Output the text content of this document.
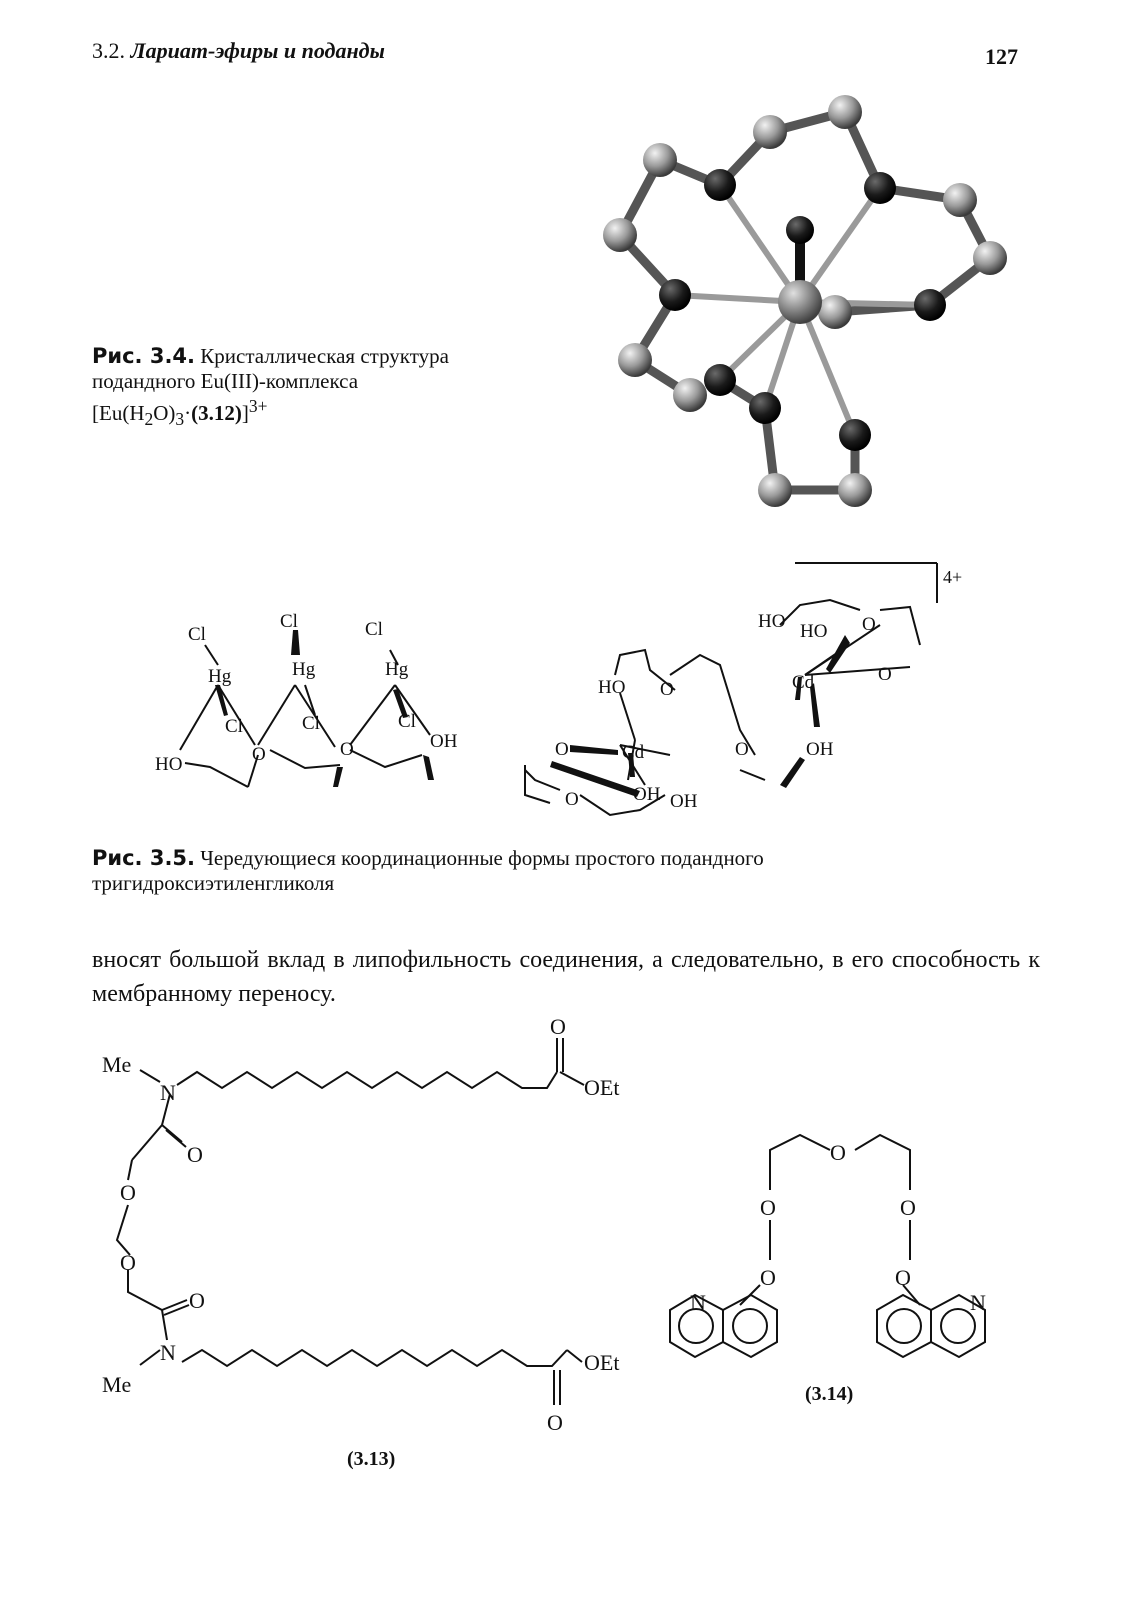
3.2. Лариат-эфиры и поданды	127
Рис. 3.4. Кристаллическая структура
подандного Eu(III)-комплекса
$[Eu(H_2O)_3\cdot(3.12)]^{3+}$
Cl
Hg
Cl
Cl
Hg
Cl
Cl
Hg
Cl
O	O
HO
OH
4+
HO HO O
O
Cd
HO O
O	OH
Cd
O
O	OH OH
Рис. 3.5. Чередующиеся координационные формы простого подандного тригидроксиэтиленгликоля
вносят большой вклад в липофильность соединения, а следовательно, в его способность к мембранному переносу.
Me
N
O
OEt
O
O
O
O
N
Me
OEt
O
(3.13)
O
O	O
O	O
N	N
(3.14)
